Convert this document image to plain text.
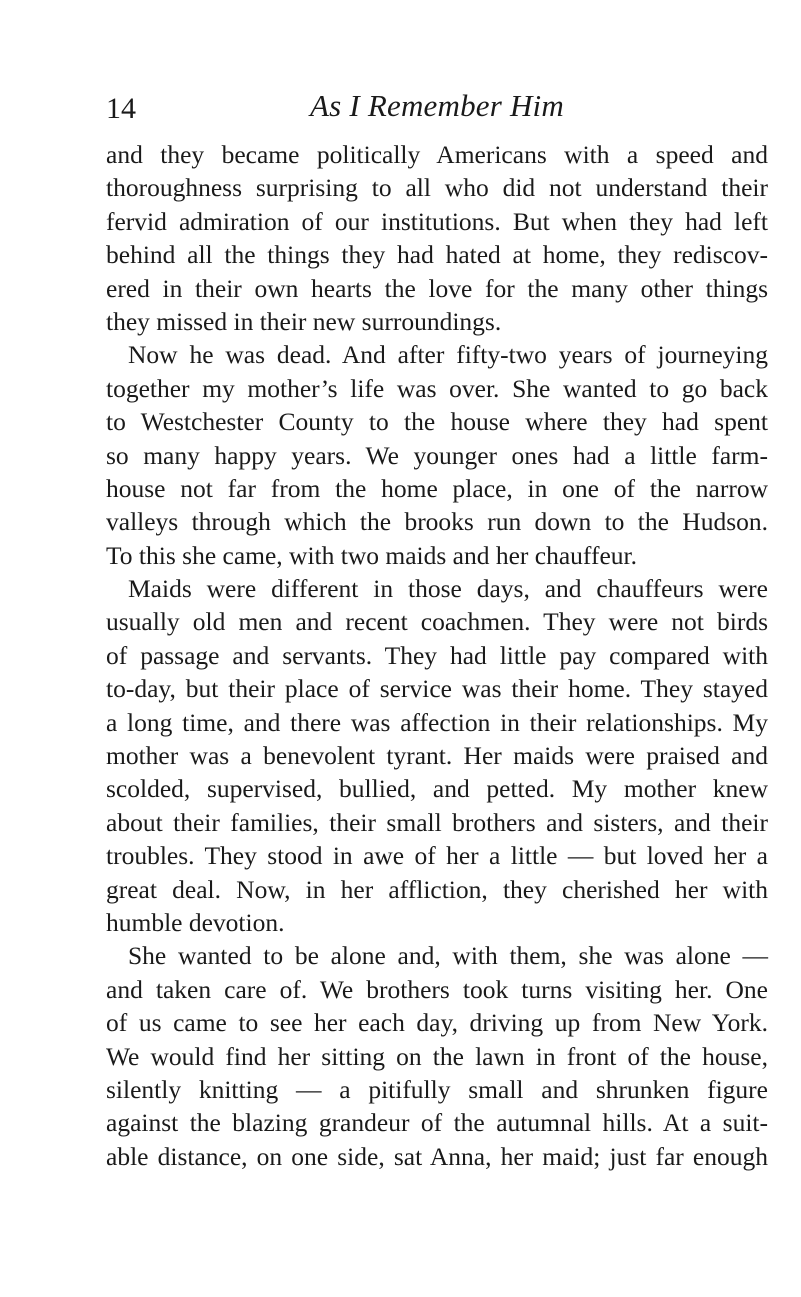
14	As I Remember Him
and they became politically Americans with a speed and
thoroughness surprising to all who did not understand their
fervid admiration of our institutions. But when they had left
behind all the things they had hated at home, they rediscov-
ered in their own hearts the love for the many other things
they missed in their new surroundings.
Now he was dead. And after fifty-two years of journeying
together my mother’s life was over. She wanted to go back
to Westchester County to the house where they had spent
so many happy years. We younger ones had a little farm-
house not far from the home place, in one of the narrow
valleys through which the brooks run down to the Hudson.
To this she came, with two maids and her chauffeur.
Maids were different in those days, and chauffeurs were
usually old men and recent coachmen. They were not birds
of passage and servants. They had little pay compared with
to-day, but their place of service was their home. They stayed
a long time, and there was affection in their relationships. My
mother was a benevolent tyrant. Her maids were praised and
scolded, supervised, bullied, and petted. My mother knew
about their families, their small brothers and sisters, and their
troubles. They stood in awe of her a little — but loved her a
great deal. Now, in her affliction, they cherished her with
humble devotion.
She wanted to be alone and, with them, she was alone —
and taken care of. We brothers took turns visiting her. One
of us came to see her each day, driving up from New York.
We would find her sitting on the lawn in front of the house,
silently knitting — a pitifully small and shrunken figure
against the blazing grandeur of the autumnal hills. At a suit-
able distance, on one side, sat Anna, her maid; just far enough
